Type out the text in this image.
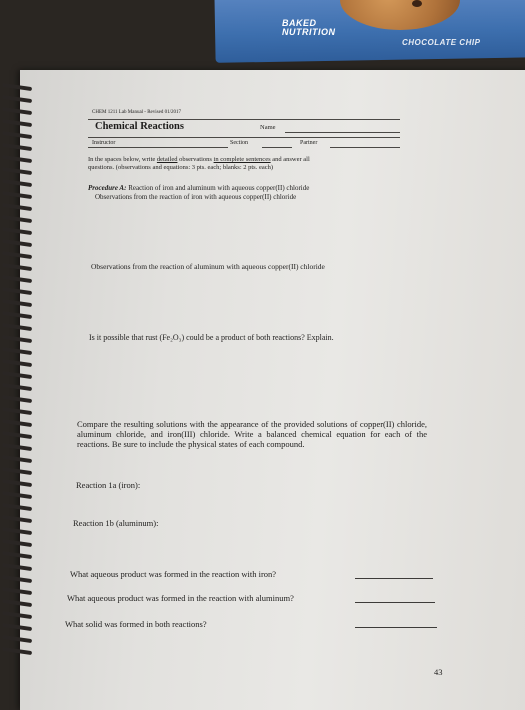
BAKED
NUTRITION
CHOCOLATE CHIP
CHEM 1211 Lab Manual - Revised 01/2017
Chemical Reactions	Name
Instructor	Section	Partner
In the spaces below, write detailed observations in complete sentences and answer all
questions. (observations and equations: 3 pts. each; blanks: 2 pts. each)
Procedure A: Reaction of iron and aluminum with aqueous copper(II) chloride
Observations from the reaction of iron with aqueous copper(II) chloride
Observations from the reaction of aluminum with aqueous copper(II) chloride
Is it possible that rust (Fe₂O₃) could be a product of both reactions? Explain.
Compare the resulting solutions with the appearance of the provided solutions of copper(II) chloride, aluminum chloride, and iron(III) chloride. Write a balanced chemical equation for each of the reactions. Be sure to include the physical states of each compound.
Reaction 1a (iron):
Reaction 1b (aluminum):
What aqueous product was formed in the reaction with iron?
What aqueous product was formed in the reaction with aluminum?
What solid was formed in both reactions?
43
